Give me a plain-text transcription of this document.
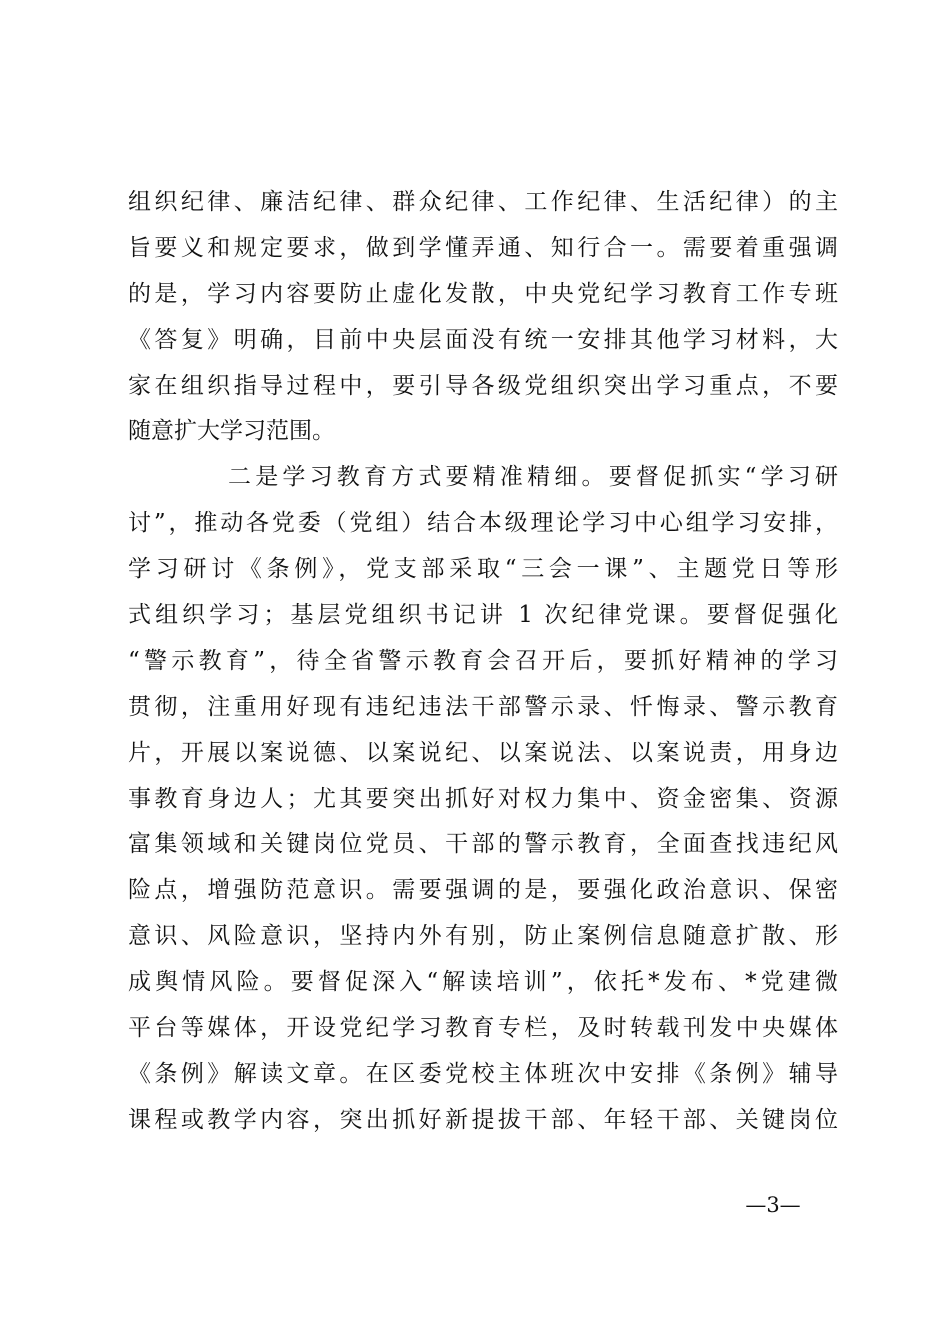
组织纪律、廉洁纪律、群众纪律、工作纪律、生活纪律）的主
旨要义和规定要求，做到学懂弄通、知行合一。需要着重强调
的是，学习内容要防止虚化发散，中央党纪学习教育工作专班
《答复》明确，目前中央层面没有统一安排其他学习材料，大
家在组织指导过程中，要引导各级党组织突出学习重点，不要
随意扩大学习范围。
二是学习教育方式要精准精细。要督促抓实“学习研
讨”，推动各党委（党组）结合本级理论学习中心组学习安排，
学习研讨《条例》，党支部采取“三会一课”、主题党日等形
式组织学习；基层党组织书记讲 1 次纪律党课。要督促强化
“警示教育”，待全省警示教育会召开后，要抓好精神的学习
贯彻，注重用好现有违纪违法干部警示录、忏悔录、警示教育
片，开展以案说德、以案说纪、以案说法、以案说责，用身边
事教育身边人；尤其要突出抓好对权力集中、资金密集、资源
富集领域和关键岗位党员、干部的警示教育，全面查找违纪风
险点，增强防范意识。需要强调的是，要强化政治意识、保密
意识、风险意识，坚持内外有别，防止案例信息随意扩散、形
成舆情风险。要督促深入“解读培训”，依托*发布、*党建微
平台等媒体，开设党纪学习教育专栏，及时转载刊发中央媒体
《条例》解读文章。在区委党校主体班次中安排《条例》辅导
课程或教学内容，突出抓好新提拔干部、年轻干部、关键岗位
—3—
